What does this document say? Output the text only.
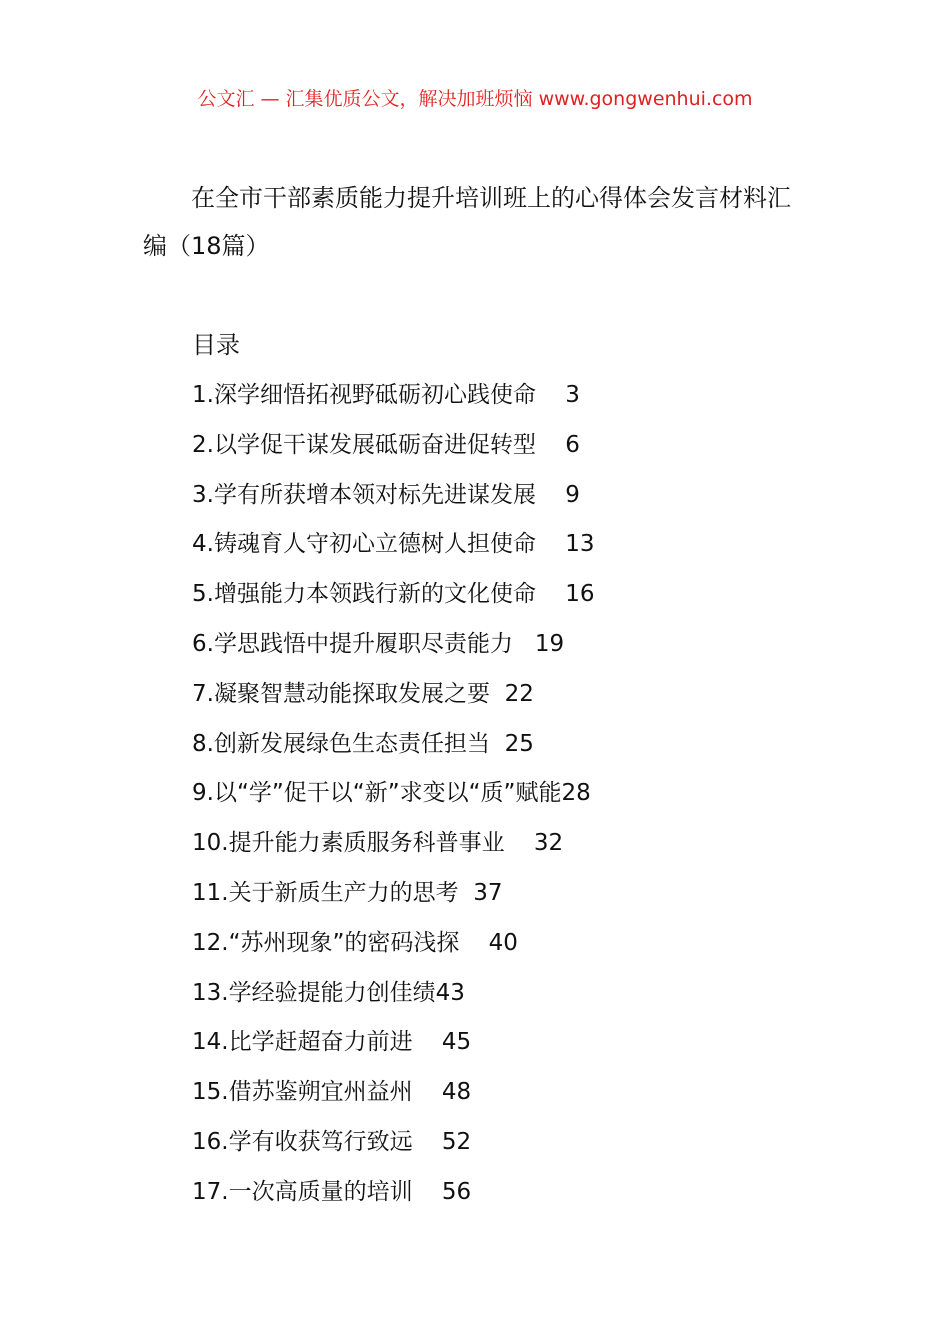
公文汇 — 汇集优质公文，解决加班烦恼 www.gongwenhui.com
在全市干部素质能力提升培训班上的心得体会发言材料汇编（18篇）
目录
1.深学细悟拓视野砥砺初心践使命    3
2.以学促干谋发展砥砺奋进促转型    6
3.学有所获增本领对标先进谋发展    9
4.铸魂育人守初心立德树人担使命    13
5.增强能力本领践行新的文化使命    16
6.学思践悟中提升履职尽责能力   19
7.凝聚智慧动能探取发展之要  22
8.创新发展绿色生态责任担当  25
9.以“学”促干以“新”求变以“质”赋能28
10.提升能力素质服务科普事业    32
11.关于新质生产力的思考  37
12.“苏州现象”的密码浅探    40
13.学经验提能力创佳绩43
14.比学赶超奋力前进    45
15.借苏鉴朔宜州益州    48
16.学有收获笃行致远    52
17.一次高质量的培训    56
